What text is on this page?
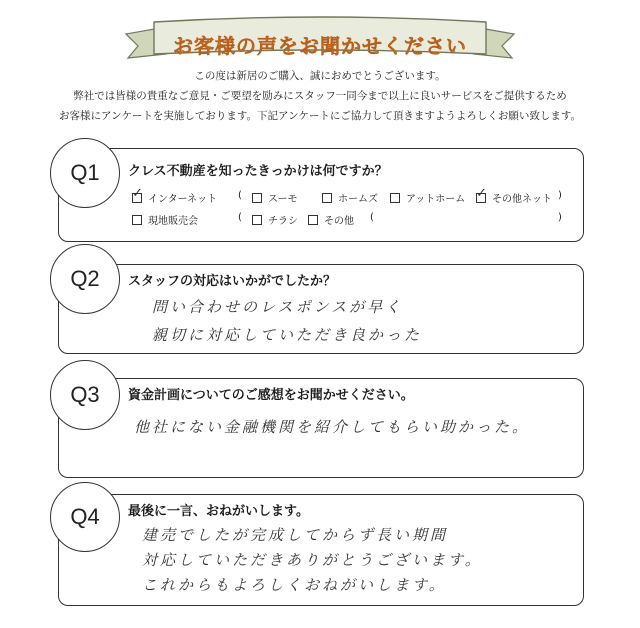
お客様の声をお聞かせください
この度は新居のご購入、誠におめでとうございます。
弊社では皆様の貴重なご意見・ご要望を励みにスタッフ一同今まで以上に良いサービスをご提供するため
お客様にアンケートを実施しております。下記アンケートにご協力して頂きますようよろしくお願い致します。
Q1	クレス不動産を知ったきっかけは何ですか？
✓ インターネット (	スーモ	ホームズ	アットホーム ✓ その他ネット )
現地販売会	(	チラシ	その他 (	)
Q2	スタッフの対応はいかがでしたか？
問い合わせのレスポンスが早く
親切に対応していただき良かった
Q3	資金計画についてのご感想をお聞かせください。
他社にない金融機関を紹介してもらい助かった。
Q4	最後に一言、おねがいします。
建売でしたが完成してからず長い期間
対応していただきありがとうございます。
これからもよろしくおねがいします。
